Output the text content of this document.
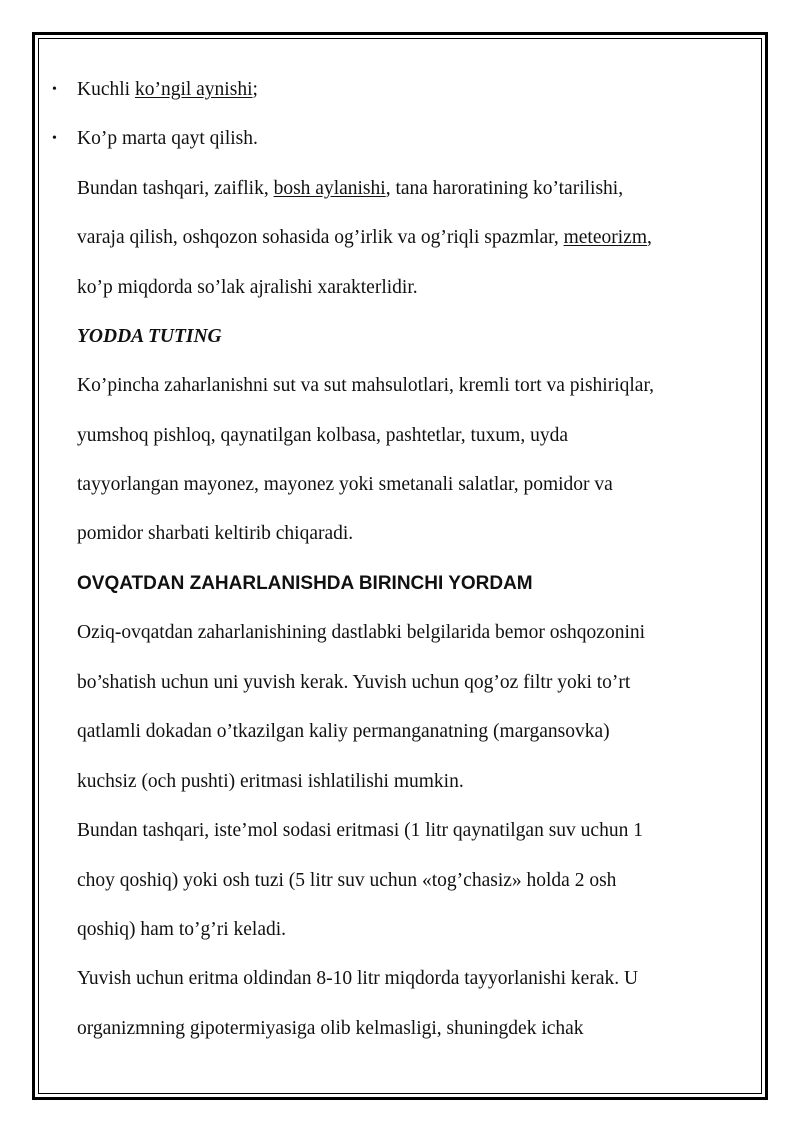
• Kuchli ko’ngil aynishi;
• Ko’p marta qayt qilish.
Bundan tashqari, zaiflik, bosh aylanishi, tana haroratining ko’tarilishi,
varaja qilish, oshqozon sohasida og’irlik va og’riqli spazmlar, meteorizm,
ko’p miqdorda so’lak ajralishi xarakterlidir.
YODDA TUTING
Ko’pincha zaharlanishni sut va sut mahsulotlari, kremli tort va pishiriqlar,
yumshoq pishloq, qaynatilgan kolbasa, pashtetlar, tuxum, uyda
tayyorlangan mayonez, mayonez yoki smetanali salatlar, pomidor va
pomidor sharbati keltirib chiqaradi.
OVQATDAN ZAHARLANISHDA BIRINCHI YORDAM
Oziq-ovqatdan zaharlanishining dastlabki belgilarida bemor oshqozonini
bo’shatish uchun uni yuvish kerak. Yuvish uchun qog’oz filtr yoki to’rt
qatlamli dokadan o’tkazilgan kaliy permanganatning (margansovka)
kuchsiz (och pushti) eritmasi ishlatilishi mumkin.
Bundan tashqari, iste’mol sodasi eritmasi (1 litr qaynatilgan suv uchun 1
choy qoshiq) yoki osh tuzi (5 litr suv uchun «tog’chasiz» holda 2 osh
qoshiq) ham to’g’ri keladi.
Yuvish uchun eritma oldindan 8-10 litr miqdorda tayyorlanishi kerak. U
organizmning gipotermiyasiga olib kelmasligi, shuningdek ichak
